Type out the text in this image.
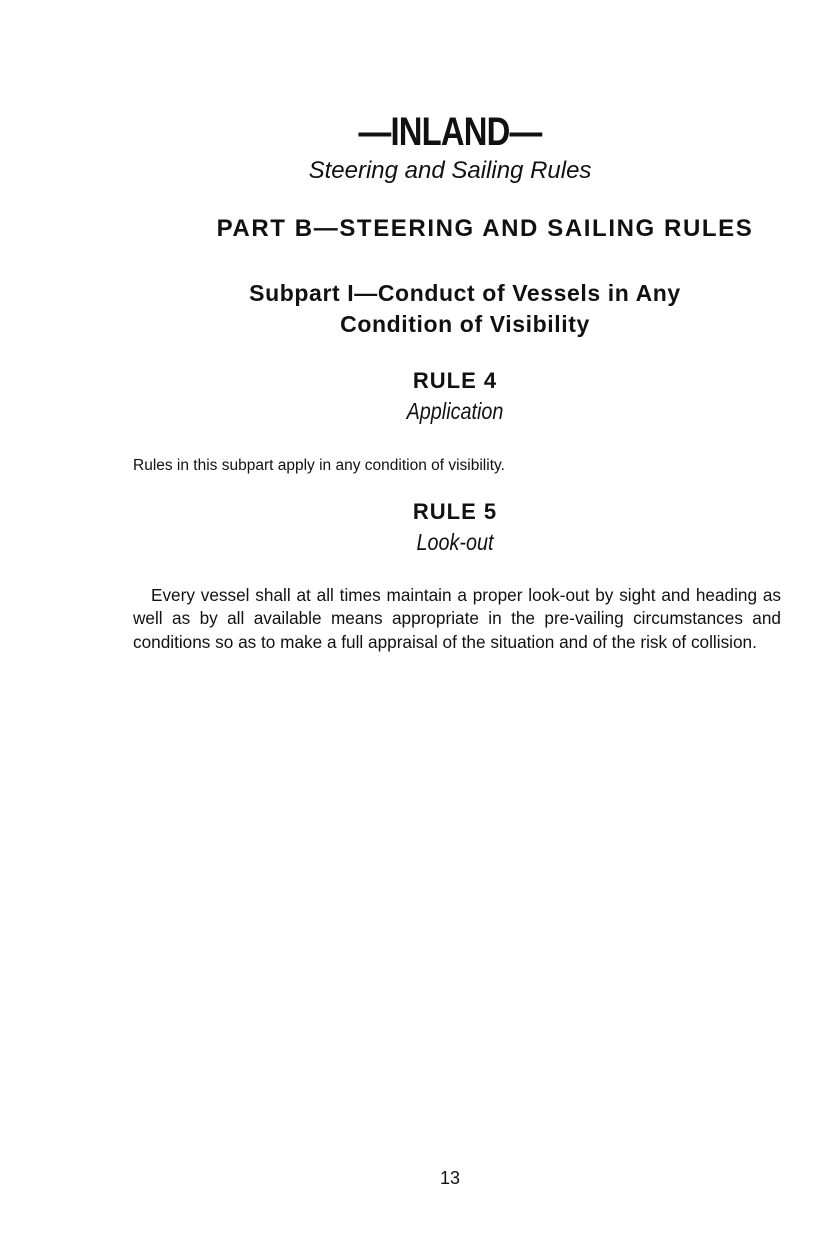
—INLAND—
Steering and Sailing Rules
PART B—STEERING AND SAILING RULES
Subpart I—Conduct of Vessels in Any
Condition of Visibility
RULE 4
Application

Rules in this subpart apply in any condition of visibility.

RULE 5
Look-out

Every vessel shall at all times maintain a proper look-out by sight and heading as well as by all available means appropriate in the pre-vailing circumstances and conditions so as to make a full appraisal of the situation and of the risk of collision.

13
